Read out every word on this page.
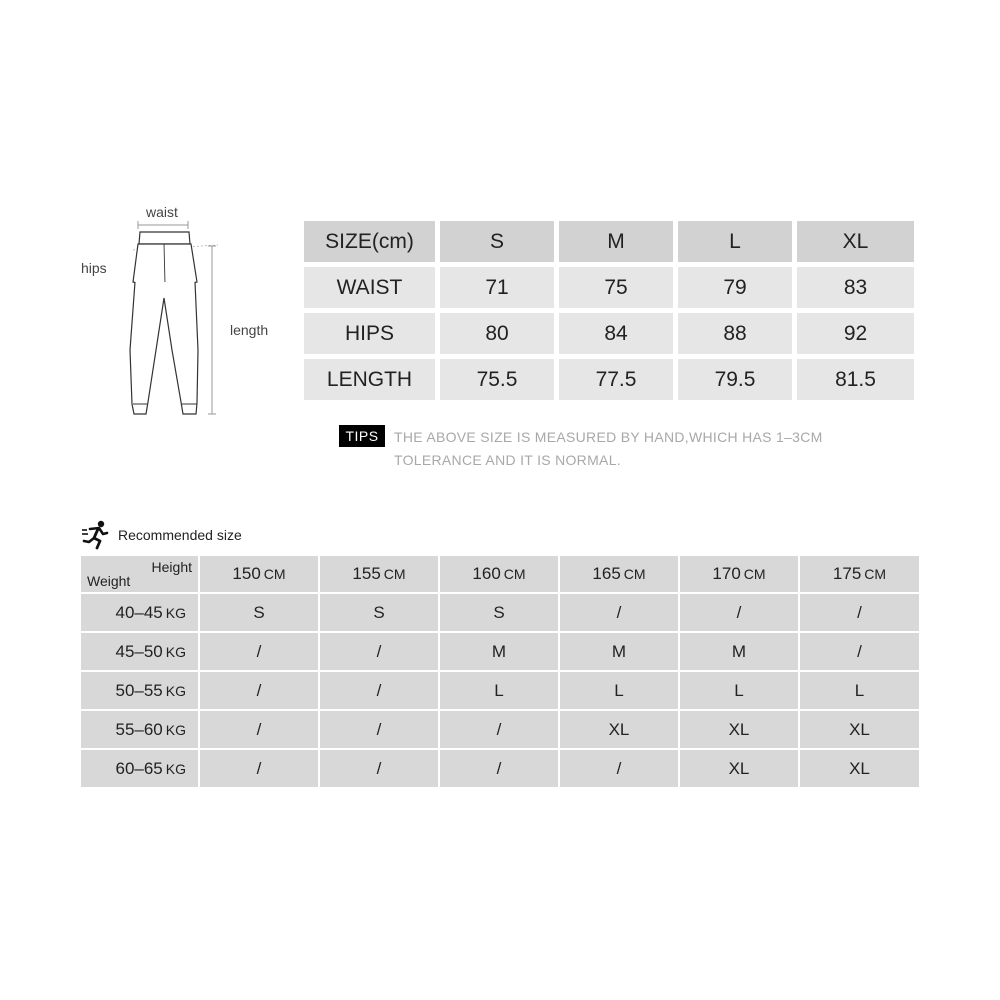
waist
hips
length
SIZE(cm)	S	M	L	XL
WAIST	71	75	79	83
HIPS	80	84	88	92
LENGTH	75.5	77.5	79.5	81.5
TIPS	THE ABOVE SIZE IS MEASURED BY HAND,WHICH HAS 1–3CM
TOLERANCE AND IT IS NORMAL.
Recommended size
Height
Weight	150 CM	155 CM	160 CM	165 CM	170 CM	175 CM
40–45 KG	S	S	S	/	/	/
45–50 KG	/	/	M	M	M	/
50–55 KG	/	/	L	L	L	L
55–60 KG	/	/	/	XL	XL	XL
60–65 KG	/	/	/	/	XL	XL
